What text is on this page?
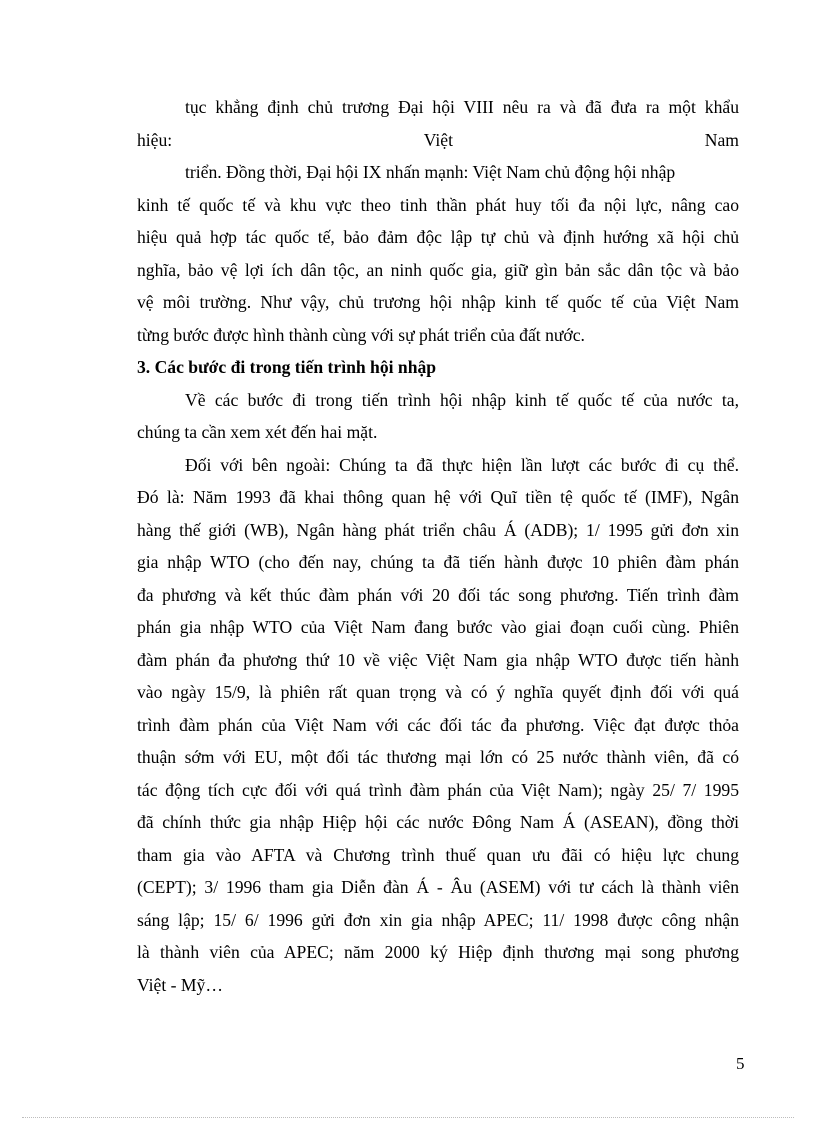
tục khẳng định chủ trương Đại hội VIII nêu ra và đã đưa ra một khẩu
hiệu:	Việt	Nam
triển. Đồng thời, Đại hội IX nhấn mạnh: Việt Nam chủ động hội nhập
kinh tế quốc tế và khu vực theo tinh thần phát huy tối đa nội lực, nâng cao
hiệu quả hợp tác quốc tế, bảo đảm độc lập tự chủ và định hướng xã hội chủ
nghĩa, bảo vệ lợi ích dân tộc, an ninh quốc gia, giữ gìn bản sắc dân tộc và bảo
vệ môi trường. Như vậy, chủ trương hội nhập kinh tế quốc tế của Việt Nam
từng bước được hình thành cùng với sự phát triển của đất nước.
3. Các bước đi trong tiến trình hội nhập
Về các bước đi trong tiến trình hội nhập kinh tế quốc tế của nước ta,
chúng ta cần xem xét đến hai mặt.
Đối với bên ngoài: Chúng ta đã thực hiện lần lượt các bước đi cụ thể.
Đó là: Năm 1993 đã khai thông quan hệ với Quĩ tiền tệ quốc tế (IMF), Ngân
hàng thế giới (WB), Ngân hàng phát triển châu Á (ADB); 1/ 1995 gửi đơn xin
gia nhập WTO (cho đến nay, chúng ta đã tiến hành được 10 phiên đàm phán
đa phương và kết thúc đàm phán với 20 đối tác song phương. Tiến trình đàm
phán gia nhập WTO của Việt Nam đang bước vào giai đoạn cuối cùng. Phiên
đàm phán đa phương thứ 10 về việc Việt Nam gia nhập WTO được tiến hành
vào ngày 15/9, là phiên rất quan trọng và có ý nghĩa quyết định đối với quá
trình đàm phán của Việt Nam với các đối tác đa phương. Việc đạt được thỏa
thuận sớm với EU, một đối tác thương mại lớn có 25 nước thành viên, đã có
tác động tích cực đối với quá trình đàm phán của Việt Nam); ngày 25/ 7/ 1995
đã chính thức gia nhập Hiệp hội các nước Đông Nam Á (ASEAN), đồng thời
tham gia vào AFTA và Chương trình thuế quan ưu đãi có hiệu lực chung
(CEPT); 3/ 1996 tham gia Diễn đàn Á - Âu (ASEM) với tư cách là thành viên
sáng lập; 15/ 6/ 1996 gửi đơn xin gia nhập APEC; 11/ 1998 được công nhận
là thành viên của APEC; năm 2000 ký Hiệp định thương mại song phương
Việt - Mỹ…
5
